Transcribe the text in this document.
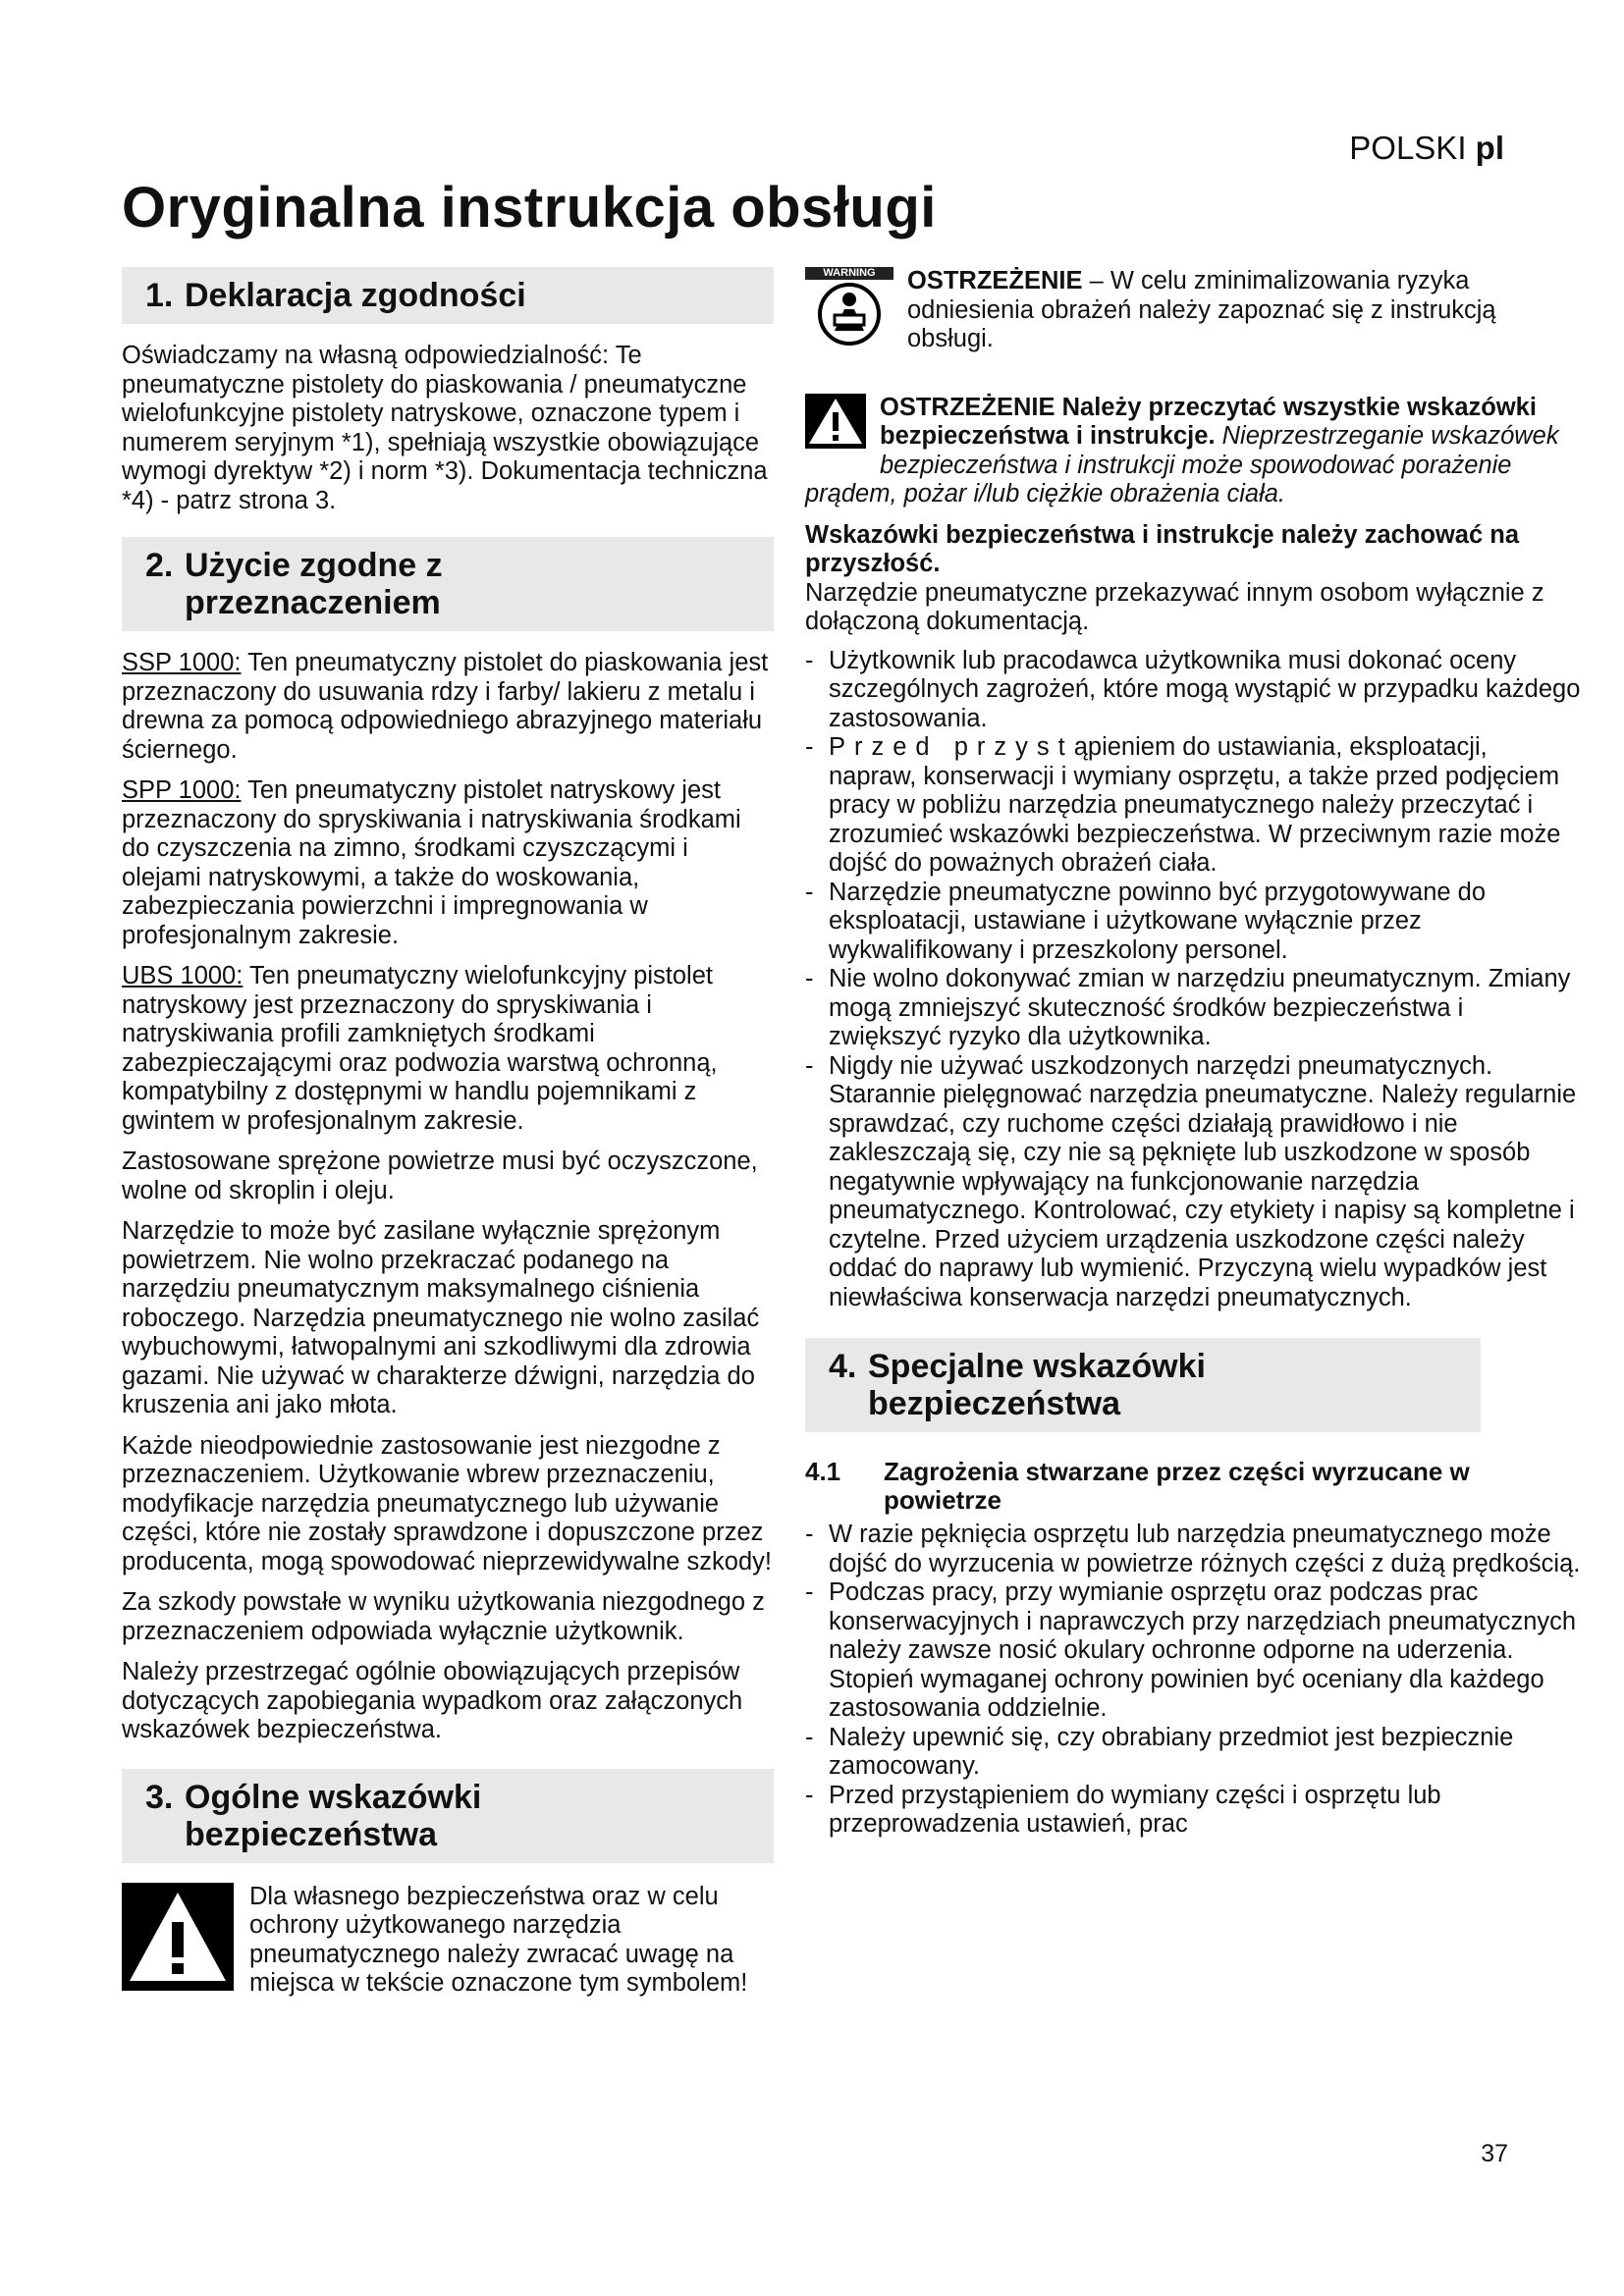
POLSKI pl
Oryginalna instrukcja obsługi
1. Deklaracja zgodności

Oświadczamy na własną odpowiedzialność: Te pneumatyczne pistolety do piaskowania / pneumatyczne wielofunkcyjne pistolety natryskowe, oznaczone typem i numerem seryjnym *1), spełniają wszystkie obowiązujące wymogi dyrektyw *2) i norm *3). Dokumentacja techniczna *4) - patrz strona 3.

2. Użycie zgodne z
przeznaczeniem

SSP 1000: Ten pneumatyczny pistolet do piaskowania jest przeznaczony do usuwania rdzy i farby/ lakieru z metalu i drewna za pomocą odpowiedniego abrazyjnego materiału ściernego.

SPP 1000: Ten pneumatyczny pistolet natryskowy jest przeznaczony do spryskiwania i natryskiwania środkami do czyszczenia na zimno, środkami czyszczącymi i olejami natryskowymi, a także do woskowania, zabezpieczania powierzchni i impregnowania w profesjonalnym zakresie.

UBS 1000: Ten pneumatyczny wielofunkcyjny pistolet natryskowy jest przeznaczony do spryskiwania i natryskiwania profili zamkniętych środkami zabezpieczającymi oraz podwozia warstwą ochronną, kompatybilny z dostępnymi w handlu pojemnikami z gwintem w profesjonalnym zakresie.

Zastosowane sprężone powietrze musi być oczyszczone, wolne od skroplin i oleju.

Narzędzie to może być zasilane wyłącznie sprężonym powietrzem. Nie wolno przekraczać podanego na narzędziu pneumatycznym maksymalnego ciśnienia roboczego. Narzędzia pneumatycznego nie wolno zasilać wybuchowymi, łatwopalnymi ani szkodliwymi dla zdrowia gazami. Nie używać w charakterze dźwigni, narzędzia do kruszenia ani jako młota.

Każde nieodpowiednie zastosowanie jest niezgodne z przeznaczeniem. Użytkowanie wbrew przeznaczeniu, modyfikacje narzędzia pneumatycznego lub używanie części, które nie zostały sprawdzone i dopuszczone przez producenta, mogą spowodować nieprzewidywalne szkody!

Za szkody powstałe w wyniku użytkowania niezgodnego z przeznaczeniem odpowiada wyłącznie użytkownik.

Należy przestrzegać ogólnie obowiązujących przepisów dotyczących zapobiegania wypadkom oraz załączonych wskazówek bezpieczeństwa.

3. Ogólne wskazówki
bezpieczeństwa

Dla własnego bezpieczeństwa oraz w celu ochrony użytkowanego narzędzia pneumatycznego należy zwracać uwagę na miejsca w tekście oznaczone tym symbolem!

WARNING	OSTRZEŻENIE – W celu zminimalizowania ryzyka odniesienia obrażeń należy zapoznać się z instrukcją obsługi.

OSTRZEŻENIE Należy przeczytać wszystkie wskazówki bezpieczeństwa i instrukcje. Nieprzestrzeganie wskazówek bezpieczeństwa i instrukcji może spowodować porażenie prądem, pożar i/lub ciężkie obrażenia ciała.

Wskazówki bezpieczeństwa i instrukcje należy zachować na przyszłość.
Narzędzie pneumatyczne przekazywać innym osobom wyłącznie z dołączoną dokumentacją.

- Użytkownik lub pracodawca użytkownika musi dokonać oceny szczególnych zagrożeń, które mogą wystąpić w przypadku każdego zastosowania.
- Przed przystąpieniem do ustawiania, eksploatacji, napraw, konserwacji i wymiany osprzętu, a także przed podjęciem pracy w pobliżu narzędzia pneumatycznego należy przeczytać i zrozumieć wskazówki bezpieczeństwa. W przeciwnym razie może dojść do poważnych obrażeń ciała.
- Narzędzie pneumatyczne powinno być przygotowywane do eksploatacji, ustawiane i użytkowane wyłącznie przez wykwalifikowany i przeszkolony personel.
- Nie wolno dokonywać zmian w narzędziu pneumatycznym. Zmiany mogą zmniejszyć skuteczność środków bezpieczeństwa i zwiększyć ryzyko dla użytkownika.
- Nigdy nie używać uszkodzonych narzędzi pneumatycznych. Starannie pielęgnować narzędzia pneumatyczne. Należy regularnie sprawdzać, czy ruchome części działają prawidłowo i nie zakleszczają się, czy nie są pęknięte lub uszkodzone w sposób negatywnie wpływający na funkcjonowanie narzędzia pneumatycznego. Kontrolować, czy etykiety i napisy są kompletne i czytelne. Przed użyciem urządzenia uszkodzone części należy oddać do naprawy lub wymienić. Przyczyną wielu wypadków jest niewłaściwa konserwacja narzędzi pneumatycznych.
4. Specjalne wskazówki
bezpieczeństwa
4.1	Zagrożenia stwarzane przez części wyrzucane w powietrze
- W razie pęknięcia osprzętu lub narzędzia pneumatycznego może dojść do wyrzucenia w powietrze różnych części z dużą prędkością.
- Podczas pracy, przy wymianie osprzętu oraz podczas prac konserwacyjnych i naprawczych przy narzędziach pneumatycznych należy zawsze nosić okulary ochronne odporne na uderzenia. Stopień wymaganej ochrony powinien być oceniany dla każdego zastosowania oddzielnie.
- Należy upewnić się, czy obrabiany przedmiot jest bezpiecznie zamocowany.
- Przed przystąpieniem do wymiany części i osprzętu lub przeprowadzenia ustawień, prac
37
